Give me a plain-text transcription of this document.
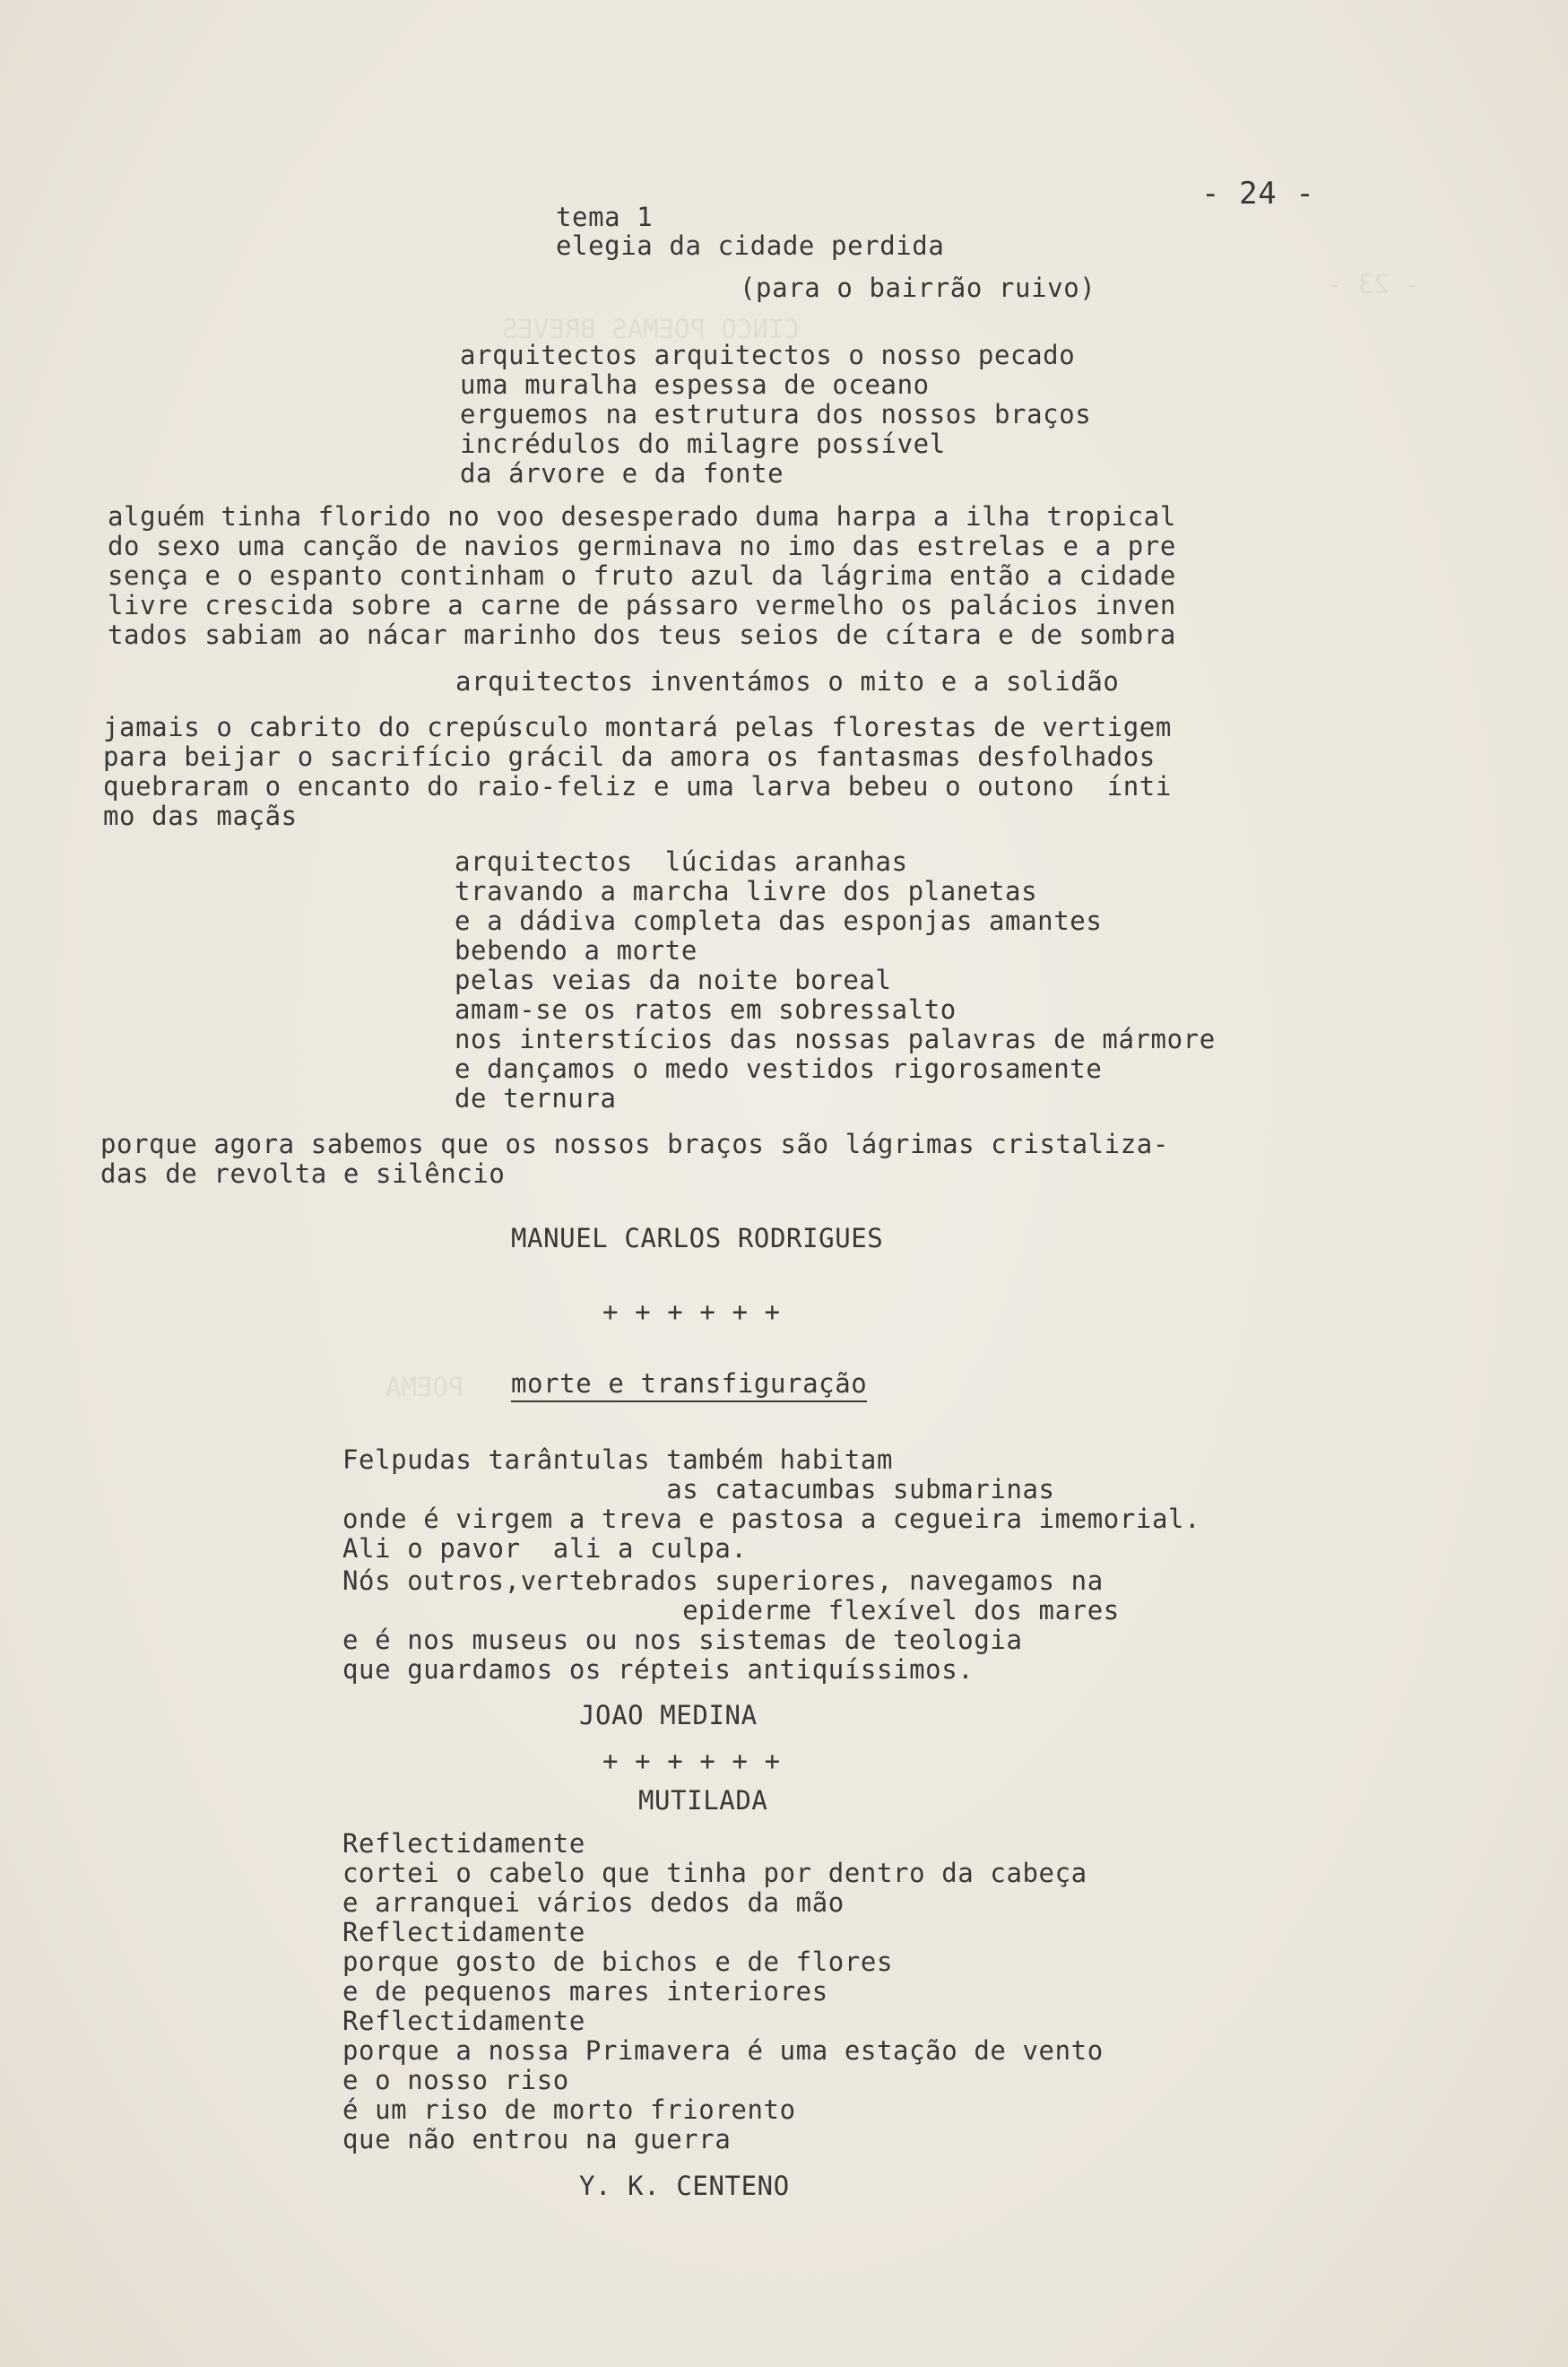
CINCO POEMAS BREVES
POEMA
- 23 -
- 24 -
tema 1
elegia da cidade perdida
(para o bairrão ruivo)
arquitectos arquitectos o nosso pecado
uma muralha espessa de oceano
erguemos na estrutura dos nossos braços
incrédulos do milagre possível
da árvore e da fonte
alguém tinha florido no voo desesperado duma harpa a ilha tropical
do sexo uma canção de navios germinava no imo das estrelas e a pre
sença e o espanto continham o fruto azul da lágrima então a cidade
livre crescida sobre a carne de pássaro vermelho os palácios inven
tados sabiam ao nácar marinho dos teus seios de cítara e de sombra
arquitectos inventámos o mito e a solidão
jamais o cabrito do crepúsculo montará pelas florestas de vertigem
para beijar o sacrifício grácil da amora os fantasmas desfolhados
quebraram o encanto do raio-feliz e uma larva bebeu o outono  ínti
mo das maçãs
arquitectos  lúcidas aranhas
travando a marcha livre dos planetas
e a dádiva completa das esponjas amantes
bebendo a morte
pelas veias da noite boreal
amam-se os ratos em sobressalto
nos interstícios das nossas palavras de mármore
e dançamos o medo vestidos rigorosamente
de ternura
porque agora sabemos que os nossos braços são lágrimas cristaliza-
das de revolta e silêncio
MANUEL CARLOS RODRIGUES
+ + + + + +
morte e transfiguração
Felpudas tarântulas também habitam
as catacumbas submarinas
onde é virgem a treva e pastosa a cegueira imemorial.
Ali o pavor  ali a culpa.
Nós outros,vertebrados superiores, navegamos na
epiderme flexível dos mares
e é nos museus ou nos sistemas de teologia
que guardamos os répteis antiquíssimos.
JOAO MEDINA
+ + + + + +
MUTILADA
Reflectidamente
cortei o cabelo que tinha por dentro da cabeça
e arranquei vários dedos da mão
Reflectidamente
porque gosto de bichos e de flores
e de pequenos mares interiores
Reflectidamente
porque a nossa Primavera é uma estação de vento
e o nosso riso
é um riso de morto friorento
que não entrou na guerra
Y. K. CENTENO
